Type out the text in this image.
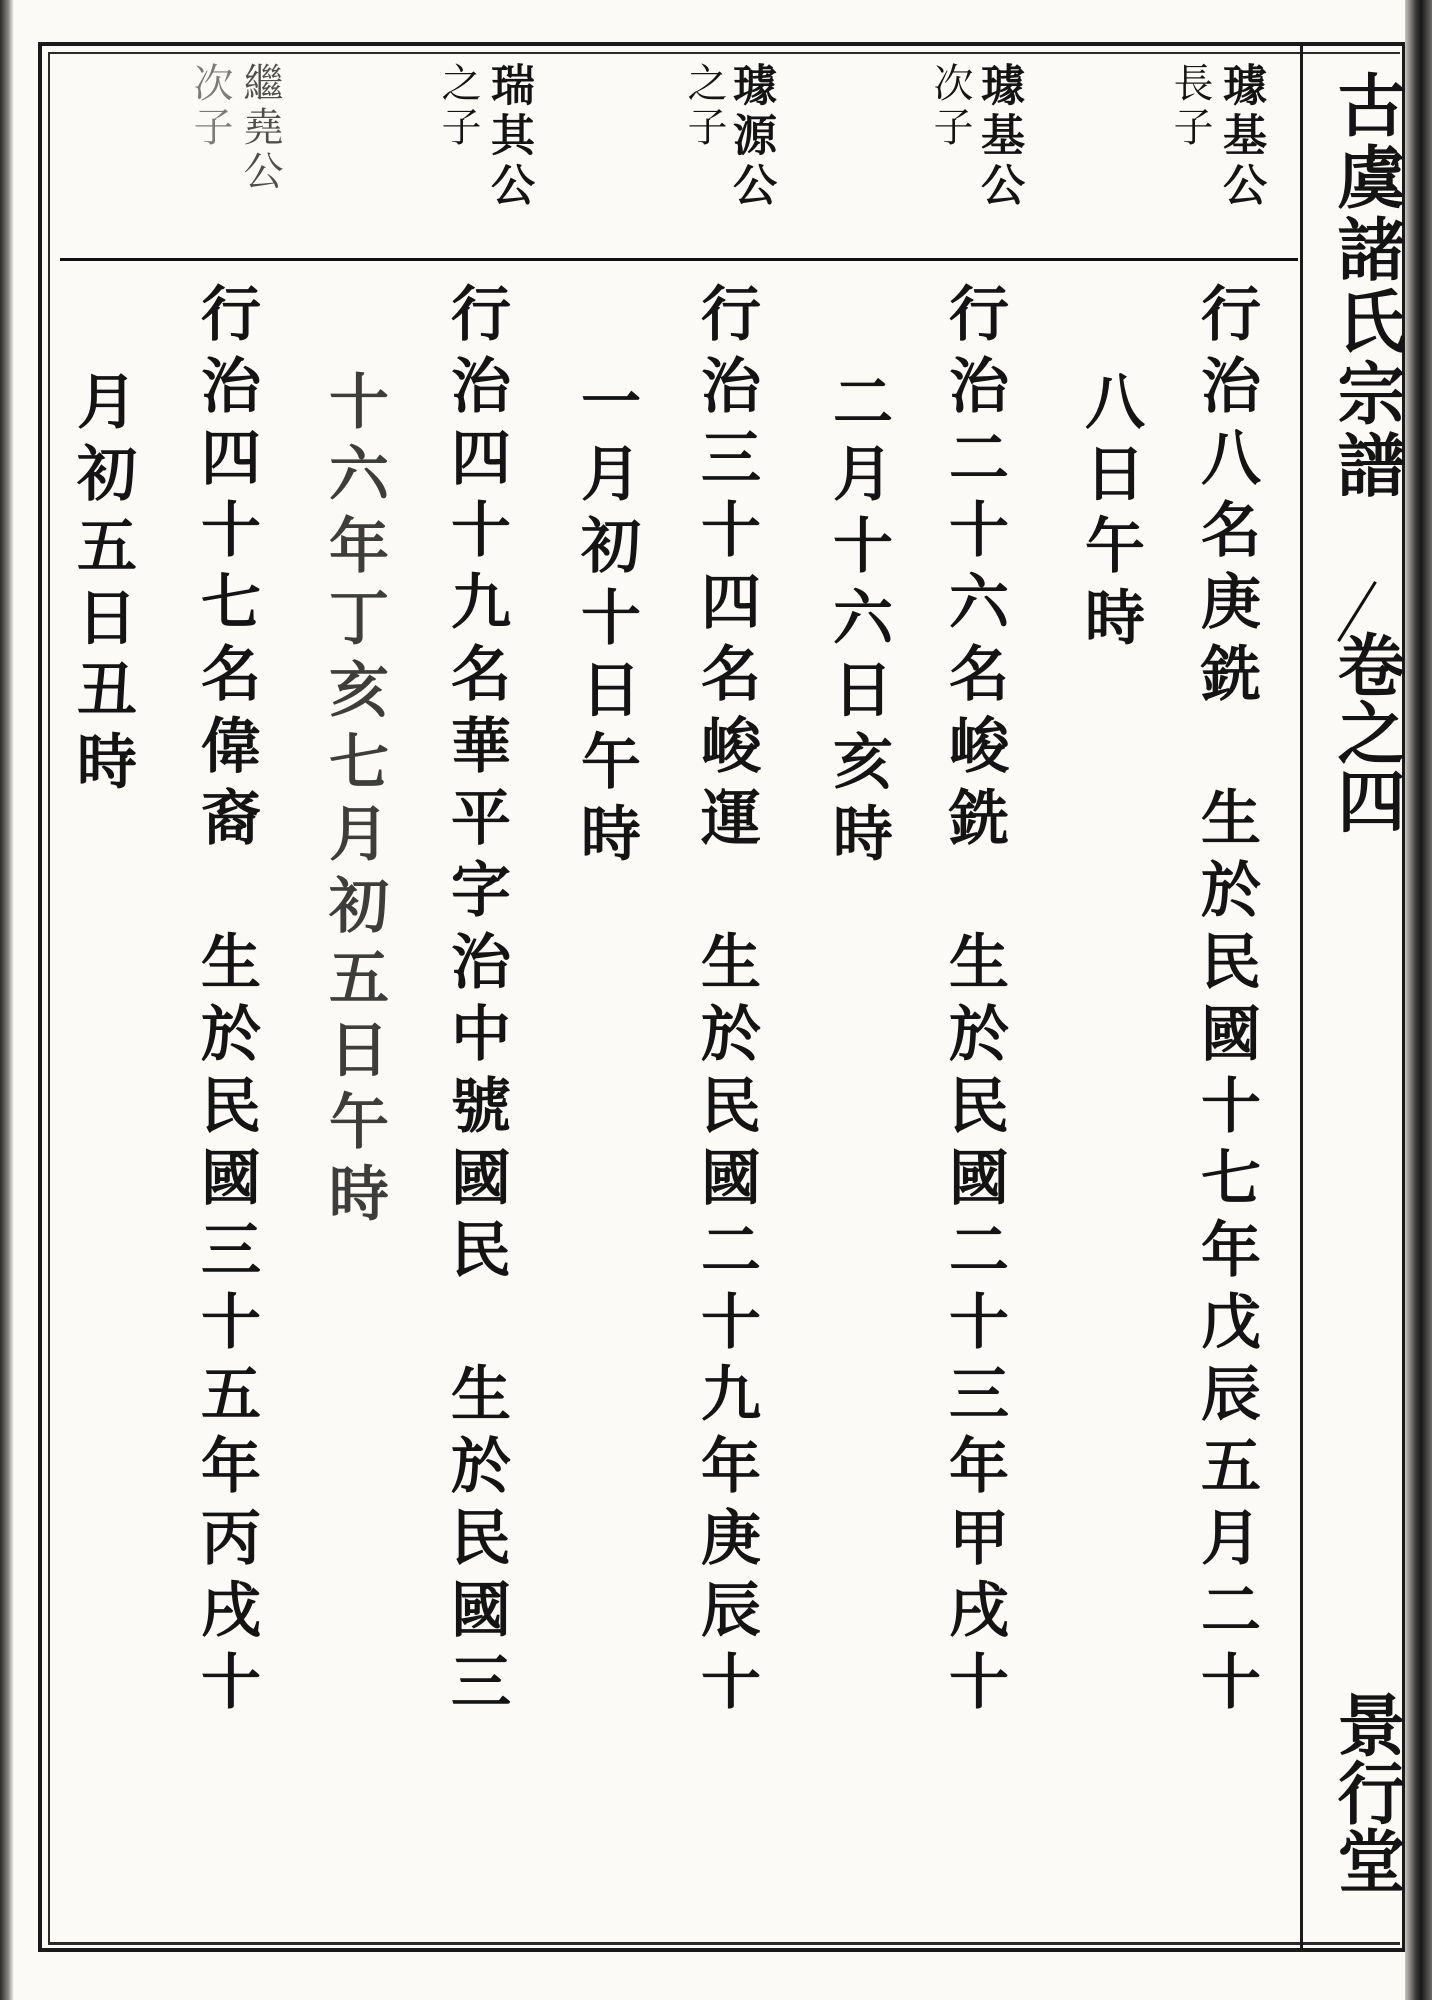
古虞諸氏宗譜
卷之四
景行堂
璩基公
長子
璩基公
次子
璩源公
之子
瑞其公
之子
繼堯公
次子
行治八名庚銑　生於民國十七年戊辰五月二十
八日午時
行治二十六名峻銑　生於民國二十三年甲戌十
二月十六日亥時
行治三十四名峻運　生於民國二十九年庚辰十
一月初十日午時
行治四十九名華平字治中號國民　生於民國三
十六年丁亥七月初五日午時
行治四十七名偉裔　生於民國三十五年丙戌十
月初五日丑時
